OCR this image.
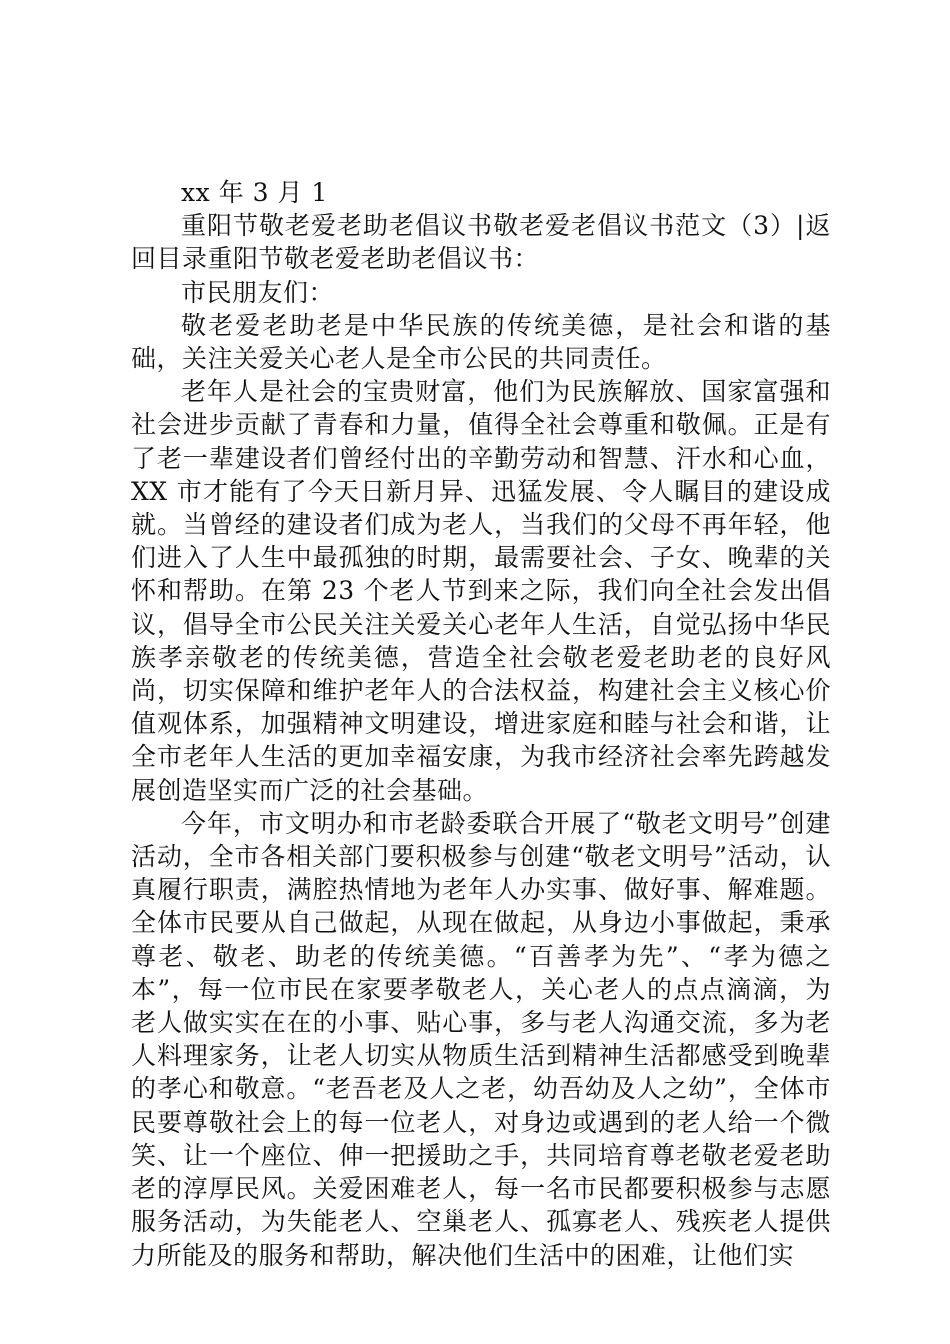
xx 年 3 月 1

重阳节敬老爱老助老倡议书敬老爱老倡议书范文（3）|返回目录重阳节敬老爱老助老倡议书：

市民朋友们：

敬老爱老助老是中华民族的传统美德，是社会和谐的基础，关注关爱关心老人是全市公民的共同责任。

老年人是社会的宝贵财富，他们为民族解放、国家富强和社会进步贡献了青春和力量，值得全社会尊重和敬佩。正是有了老一辈建设者们曾经付出的辛勤劳动和智慧、汗水和心血，XX 市才能有了今天日新月异、迅猛发展、令人瞩目的建设成就。当曾经的建设者们成为老人，当我们的父母不再年轻，他们进入了人生中最孤独的时期，最需要社会、子女、晚辈的关怀和帮助。在第 23 个老人节到来之际，我们向全社会发出倡议，倡导全市公民关注关爱关心老年人生活，自觉弘扬中华民族孝亲敬老的传统美德，营造全社会敬老爱老助老的良好风尚，切实保障和维护老年人的合法权益，构建社会主义核心价值观体系，加强精神文明建设，增进家庭和睦与社会和谐，让全市老年人生活的更加幸福安康，为我市经济社会率先跨越发展创造坚实而广泛的社会基础。

今年，市文明办和市老龄委联合开展了“敬老文明号”创建活动，全市各相关部门要积极参与创建“敬老文明号”活动，认真履行职责，满腔热情地为老年人办实事、做好事、解难题。全体市民要从自己做起，从现在做起，从身边小事做起，秉承尊老、敬老、助老的传统美德。“百善孝为先”、“孝为德之本”，每一位市民在家要孝敬老人，关心老人的点点滴滴，为老人做实实在在的小事、贴心事，多与老人沟通交流，多为老人料理家务，让老人切实从物质生活到精神生活都感受到晚辈的孝心和敬意。“老吾老及人之老，幼吾幼及人之幼”，全体市民要尊敬社会上的每一位老人，对身边或遇到的老人给一个微笑、让一个座位、伸一把援助之手，共同培育尊老敬老爱老助老的淳厚民风。关爱困难老人，每一名市民都要积极参与志愿服务活动，为失能老人、空巢老人、孤寡老人、残疾老人提供力所能及的服务和帮助，解决他们生活中的困难，让他们实
